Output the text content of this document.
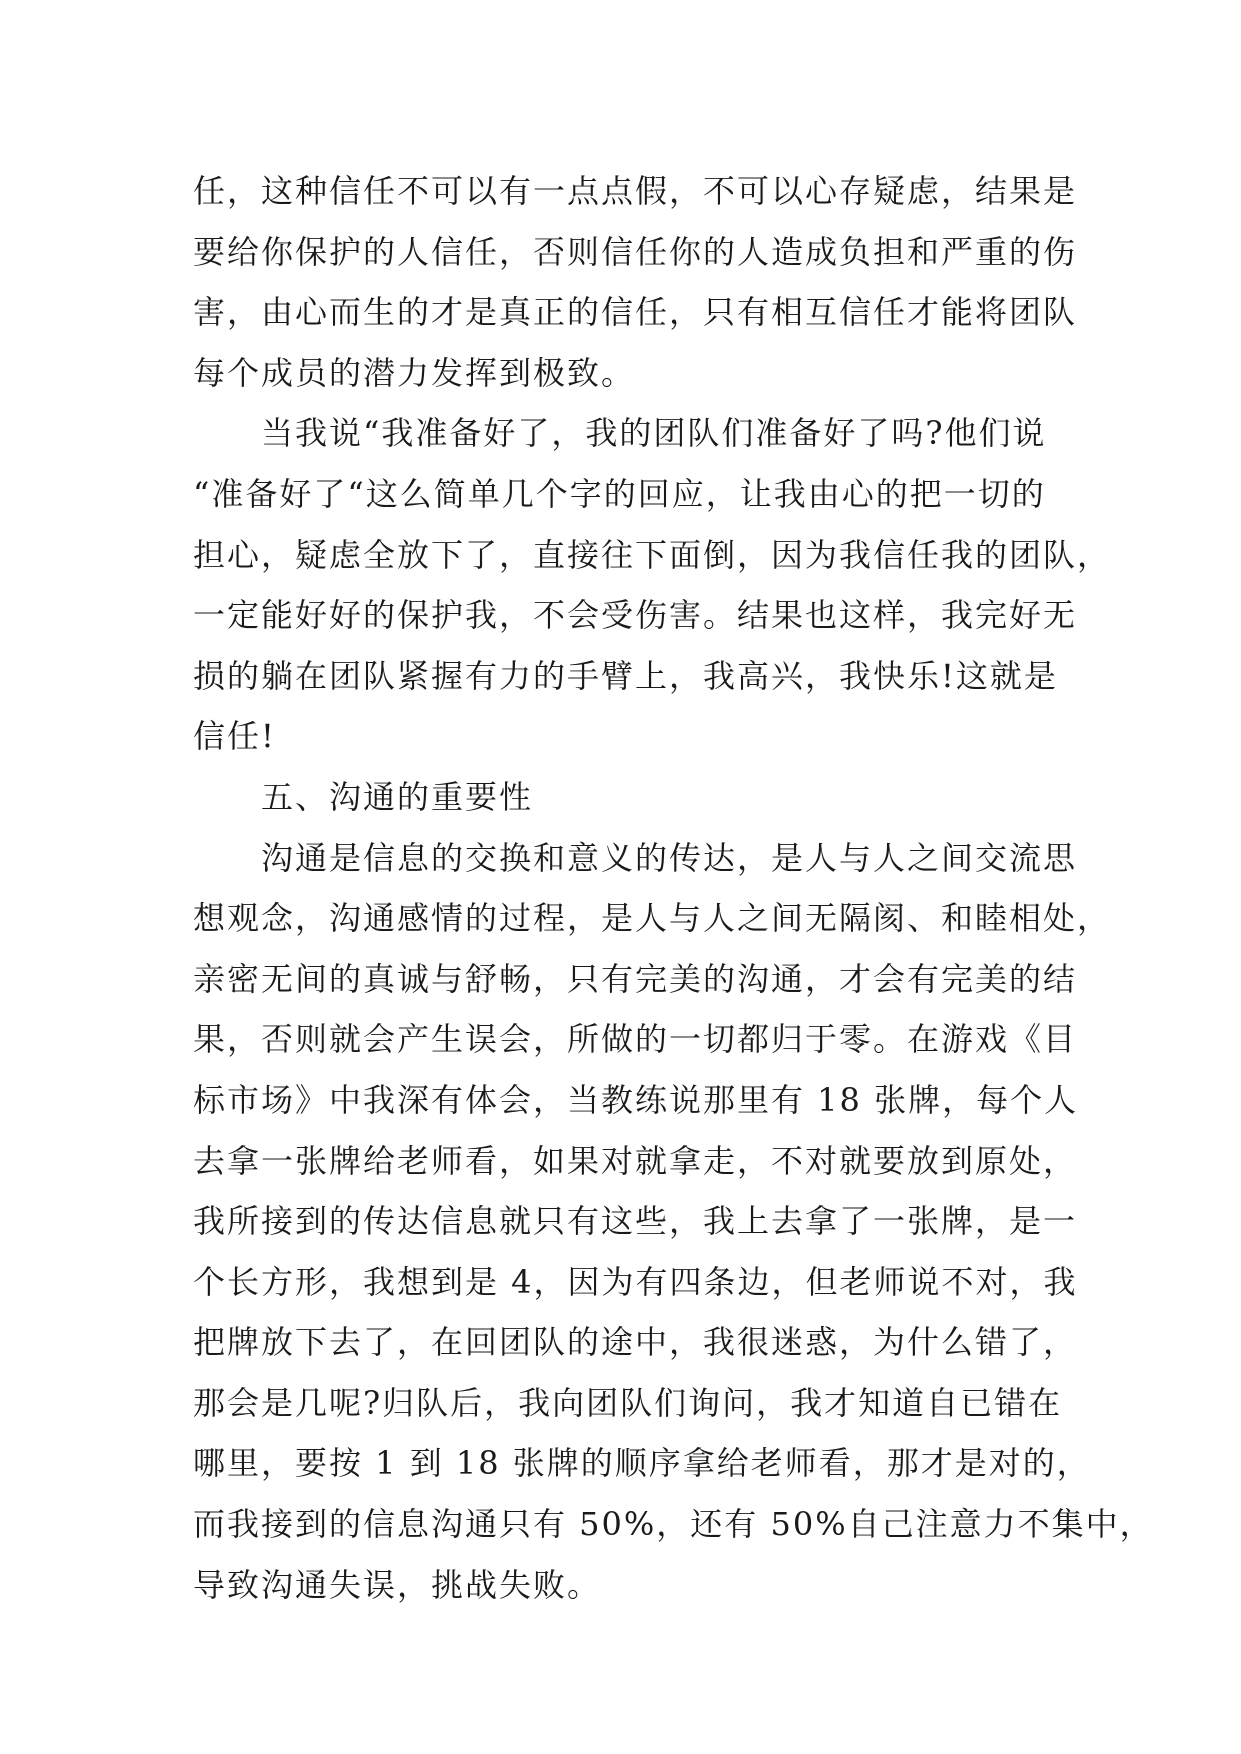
任，这种信任不可以有一点点假，不可以心存疑虑，结果是
要给你保护的人信任，否则信任你的人造成负担和严重的伤
害，由心而生的才是真正的信任，只有相互信任才能将团队
每个成员的潜力发挥到极致。
　　当我说“我准备好了，我的团队们准备好了吗?他们说
“准备好了“这么简单几个字的回应，让我由心的把一切的
担心，疑虑全放下了，直接往下面倒，因为我信任我的团队，
一定能好好的保护我，不会受伤害。结果也这样，我完好无
损的躺在团队紧握有力的手臂上，我高兴，我快乐!这就是
信任!
　　五、沟通的重要性
　　沟通是信息的交换和意义的传达，是人与人之间交流思
想观念，沟通感情的过程，是人与人之间无隔阂、和睦相处，
亲密无间的真诚与舒畅，只有完美的沟通，才会有完美的结
果，否则就会产生误会，所做的一切都归于零。在游戏《目
标市场》中我深有体会，当教练说那里有 18 张牌，每个人
去拿一张牌给老师看，如果对就拿走，不对就要放到原处，
我所接到的传达信息就只有这些，我上去拿了一张牌，是一
个长方形，我想到是 4，因为有四条边，但老师说不对，我
把牌放下去了，在回团队的途中，我很迷惑，为什么错了，
那会是几呢?归队后，我向团队们询问，我才知道自已错在
哪里，要按 1 到 18 张牌的顺序拿给老师看，那才是对的，
而我接到的信息沟通只有 50%，还有 50%自己注意力不集中，
导致沟通失误，挑战失败。
